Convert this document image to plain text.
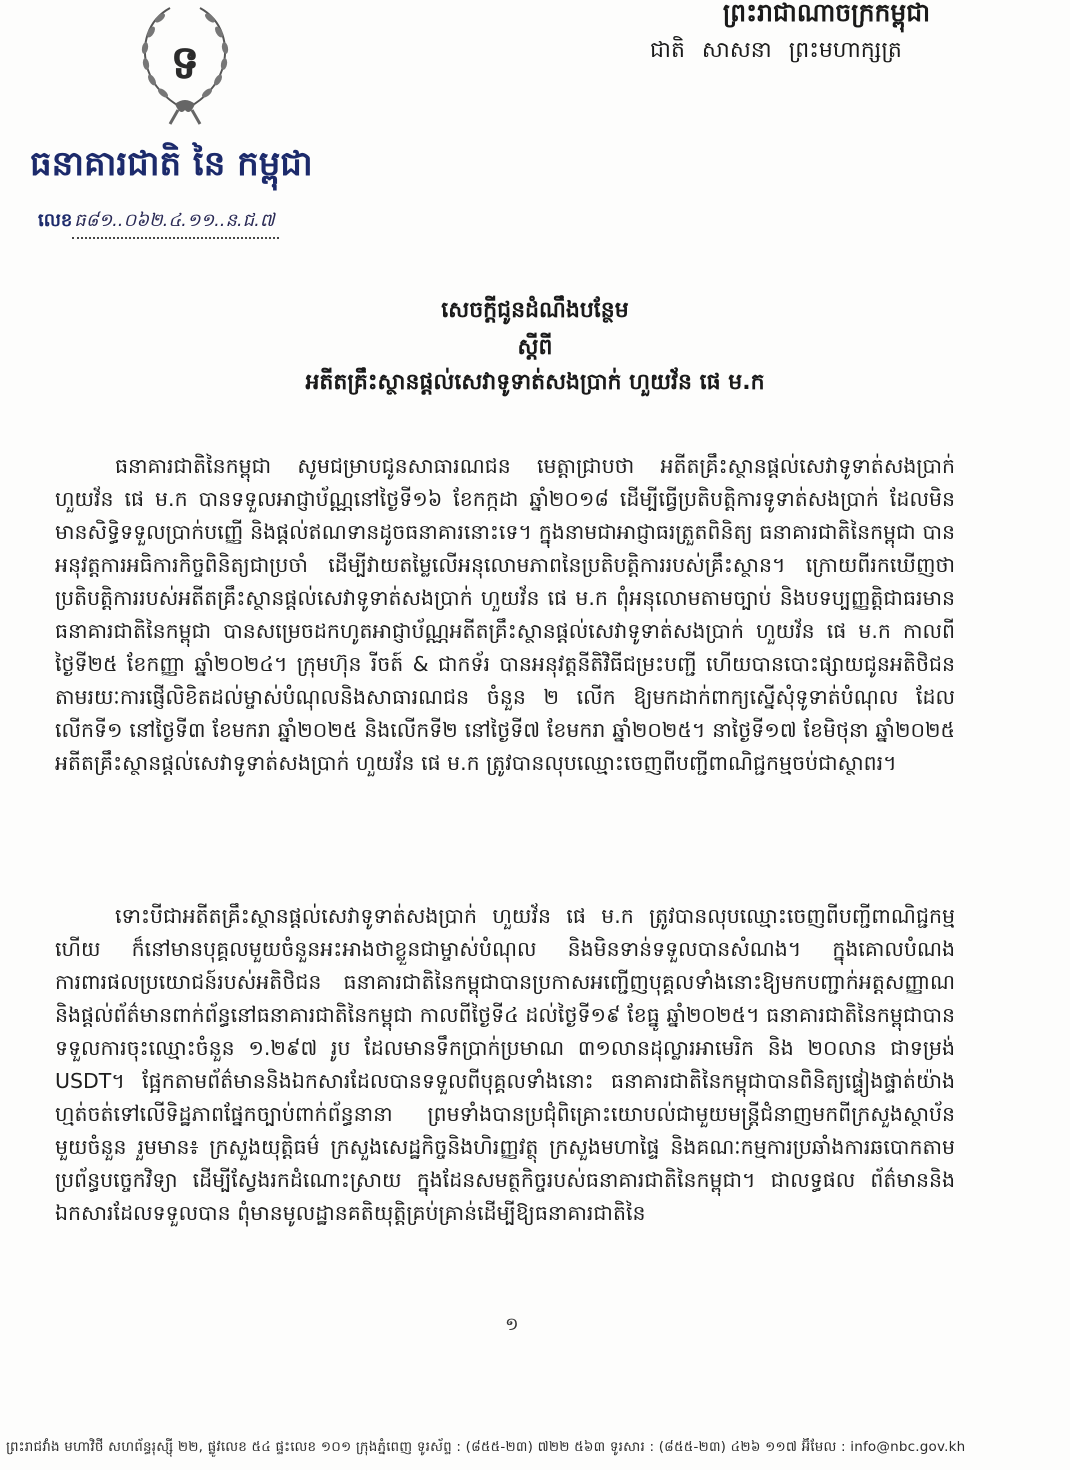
ទ
ធនាគារជាតិ នៃ កម្ពុជា
លេខ ធ៨១..០៦២.៤.១១..ន.ជ.៧
ព្រះរាជាណាចក្រកម្ពុជា
ជាតិ សាសនា ព្រះមហាក្សត្រ
សេចក្តីជូនដំណឹងបន្ថែម
ស្តីពី
អតីតគ្រឹះស្ថានផ្តល់សេវាទូទាត់សងប្រាក់ ហួយវ័ន ផេ ម.ក
ធនាគារជាតិនៃកម្ពុជា សូមជម្រាបជូនសាធារណជន មេត្តាជ្រាបថា អតីតគ្រឹះស្ថានផ្តល់សេវាទូទាត់សងប្រាក់ ហួយវ័ន ផេ ម.ក បានទទួលអាជ្ញាប័ណ្ណនៅថ្ងៃទី១៦ ខែកក្កដា ឆ្នាំ២០១៨ ដើម្បីធ្វើប្រតិបត្តិការទូទាត់សងប្រាក់ ដែលមិនមានសិទ្ធិទទួលប្រាក់បញ្ញើ និងផ្តល់ឥណទានដូចធនាគារនោះទេ។ ក្នុងនាមជាអាជ្ញាធរត្រួតពិនិត្យ ធនាគារជាតិនៃកម្ពុជា បានអនុវត្តការអធិការកិច្ចពិនិត្យជាប្រចាំ ដើម្បីវាយតម្លៃលើអនុលោមភាពនៃប្រតិបត្តិការរបស់គ្រឹះស្ថាន។ ក្រោយពីរកឃើញថា ប្រតិបត្តិការរបស់អតីតគ្រឹះស្ថានផ្តល់សេវាទូទាត់សងប្រាក់ ហួយវ័ន ផេ ម.ក ពុំអនុលោមតាមច្បាប់ និងបទប្បញ្ញត្តិជាធរមាន ធនាគារជាតិនៃកម្ពុជា បានសម្រេចដកហូតអាជ្ញាប័ណ្ណអតីតគ្រឹះស្ថានផ្តល់សេវាទូទាត់សងប្រាក់ ហួយវ័ន ផេ ម.ក កាលពីថ្ងៃទី២៥ ខែកញ្ញា ឆ្នាំ២០២៤។ ក្រុមហ៊ុន រីចត៍ & ជាកទ័រ បានអនុវត្តនីតិវិធីជម្រះបញ្ជី ហើយបានបោះផ្សាយជូនអតិថិជន តាមរយៈការផ្ញើលិខិតដល់ម្ចាស់បំណុលនិងសាធារណជន ចំនួន ២ លើក ឱ្យមកដាក់ពាក្យស្នើសុំទូទាត់បំណុល ដែលលើកទី១ នៅថ្ងៃទី៣ ខែមករា ឆ្នាំ២០២៥ និងលើកទី២ នៅថ្ងៃទី៧ ខែមករា ឆ្នាំ២០២៥។ នាថ្ងៃទី១៧ ខែមិថុនា ឆ្នាំ២០២៥ អតីតគ្រឹះស្ថានផ្តល់សេវាទូទាត់សងប្រាក់ ហួយវ័ន ផេ ម.ក ត្រូវបានលុបឈ្មោះចេញពីបញ្ជីពាណិជ្ជកម្មចប់ជាស្ថាពរ។
ទោះបីជាអតីតគ្រឹះស្ថានផ្តល់សេវាទូទាត់សងប្រាក់ ហួយវ័ន ផេ ម.ក ត្រូវបានលុបឈ្មោះចេញពីបញ្ជីពាណិជ្ជកម្មហើយ ក៏នៅមានបុគ្គលមួយចំនួនអះអាងថាខ្លួនជាម្ចាស់បំណុល និងមិនទាន់ទទួលបានសំណង។ ក្នុងគោលបំណងការពារផលប្រយោជន៍របស់អតិថិជន ធនាគារជាតិនៃកម្ពុជាបានប្រកាសអញ្ជើញបុគ្គលទាំងនោះឱ្យមកបញ្ជាក់អត្តសញ្ញាណនិងផ្តល់ព័ត៌មានពាក់ព័ន្ធនៅធនាគារជាតិនៃកម្ពុជា កាលពីថ្ងៃទី៤ ដល់ថ្ងៃទី១៩ ខែធ្នូ ឆ្នាំ២០២៥។ ធនាគារជាតិនៃកម្ពុជាបានទទួលការចុះឈ្មោះចំនួន ១.២៩៧ រូប ដែលមានទឹកប្រាក់ប្រមាណ ៣១លានដុល្លារអាមេរិក និង ២០លាន ជាទម្រង់ USDT។ ផ្អែកតាមព័ត៌មាននិងឯកសារដែលបានទទួលពីបុគ្គលទាំងនោះ ធនាគារជាតិនៃកម្ពុជាបានពិនិត្យផ្ទៀងផ្ទាត់យ៉ាងហ្មត់ចត់ទៅលើទិដ្ឋភាពផ្នែកច្បាប់ពាក់ព័ន្ធនានា ព្រមទាំងបានប្រជុំពិគ្រោះយោបល់ជាមួយមន្ត្រីជំនាញមកពីក្រសួងស្ថាប័នមួយចំនួន រួមមាន៖ ក្រសួងយុត្តិធម៌ ក្រសួងសេដ្ឋកិច្ចនិងហិរញ្ញវត្ថុ ក្រសួងមហាផ្ទៃ និងគណៈកម្មការប្រឆាំងការឆបោកតាមប្រព័ន្ធបច្ចេកវិទ្យា ដើម្បីស្វែងរកដំណោះស្រាយ ក្នុងដែនសមត្ថកិច្ចរបស់ធនាគារជាតិនៃកម្ពុជា។ ជាលទ្ធផល ព័ត៌មាននិងឯកសារដែលទទួលបាន ពុំមានមូលដ្ឋានគតិយុត្តិគ្រប់គ្រាន់ដើម្បីឱ្យធនាគារជាតិនៃ
១
ព្រះរាជវាំង មហាវិថី សហព័ន្ធរុស្ស៊ី ២២, ផ្លូវលេខ ៥៤ ផ្ទះលេខ ១០១ ក្រុងភ្នំពេញ ទូរស័ព្ទ : (៨៥៥-២៣) ៧២២ ៥៦៣ ទូរសារ : (៨៥៥-២៣) ៤២៦ ១១៧ អ៊ីមែល : info@nbc.gov.kh
